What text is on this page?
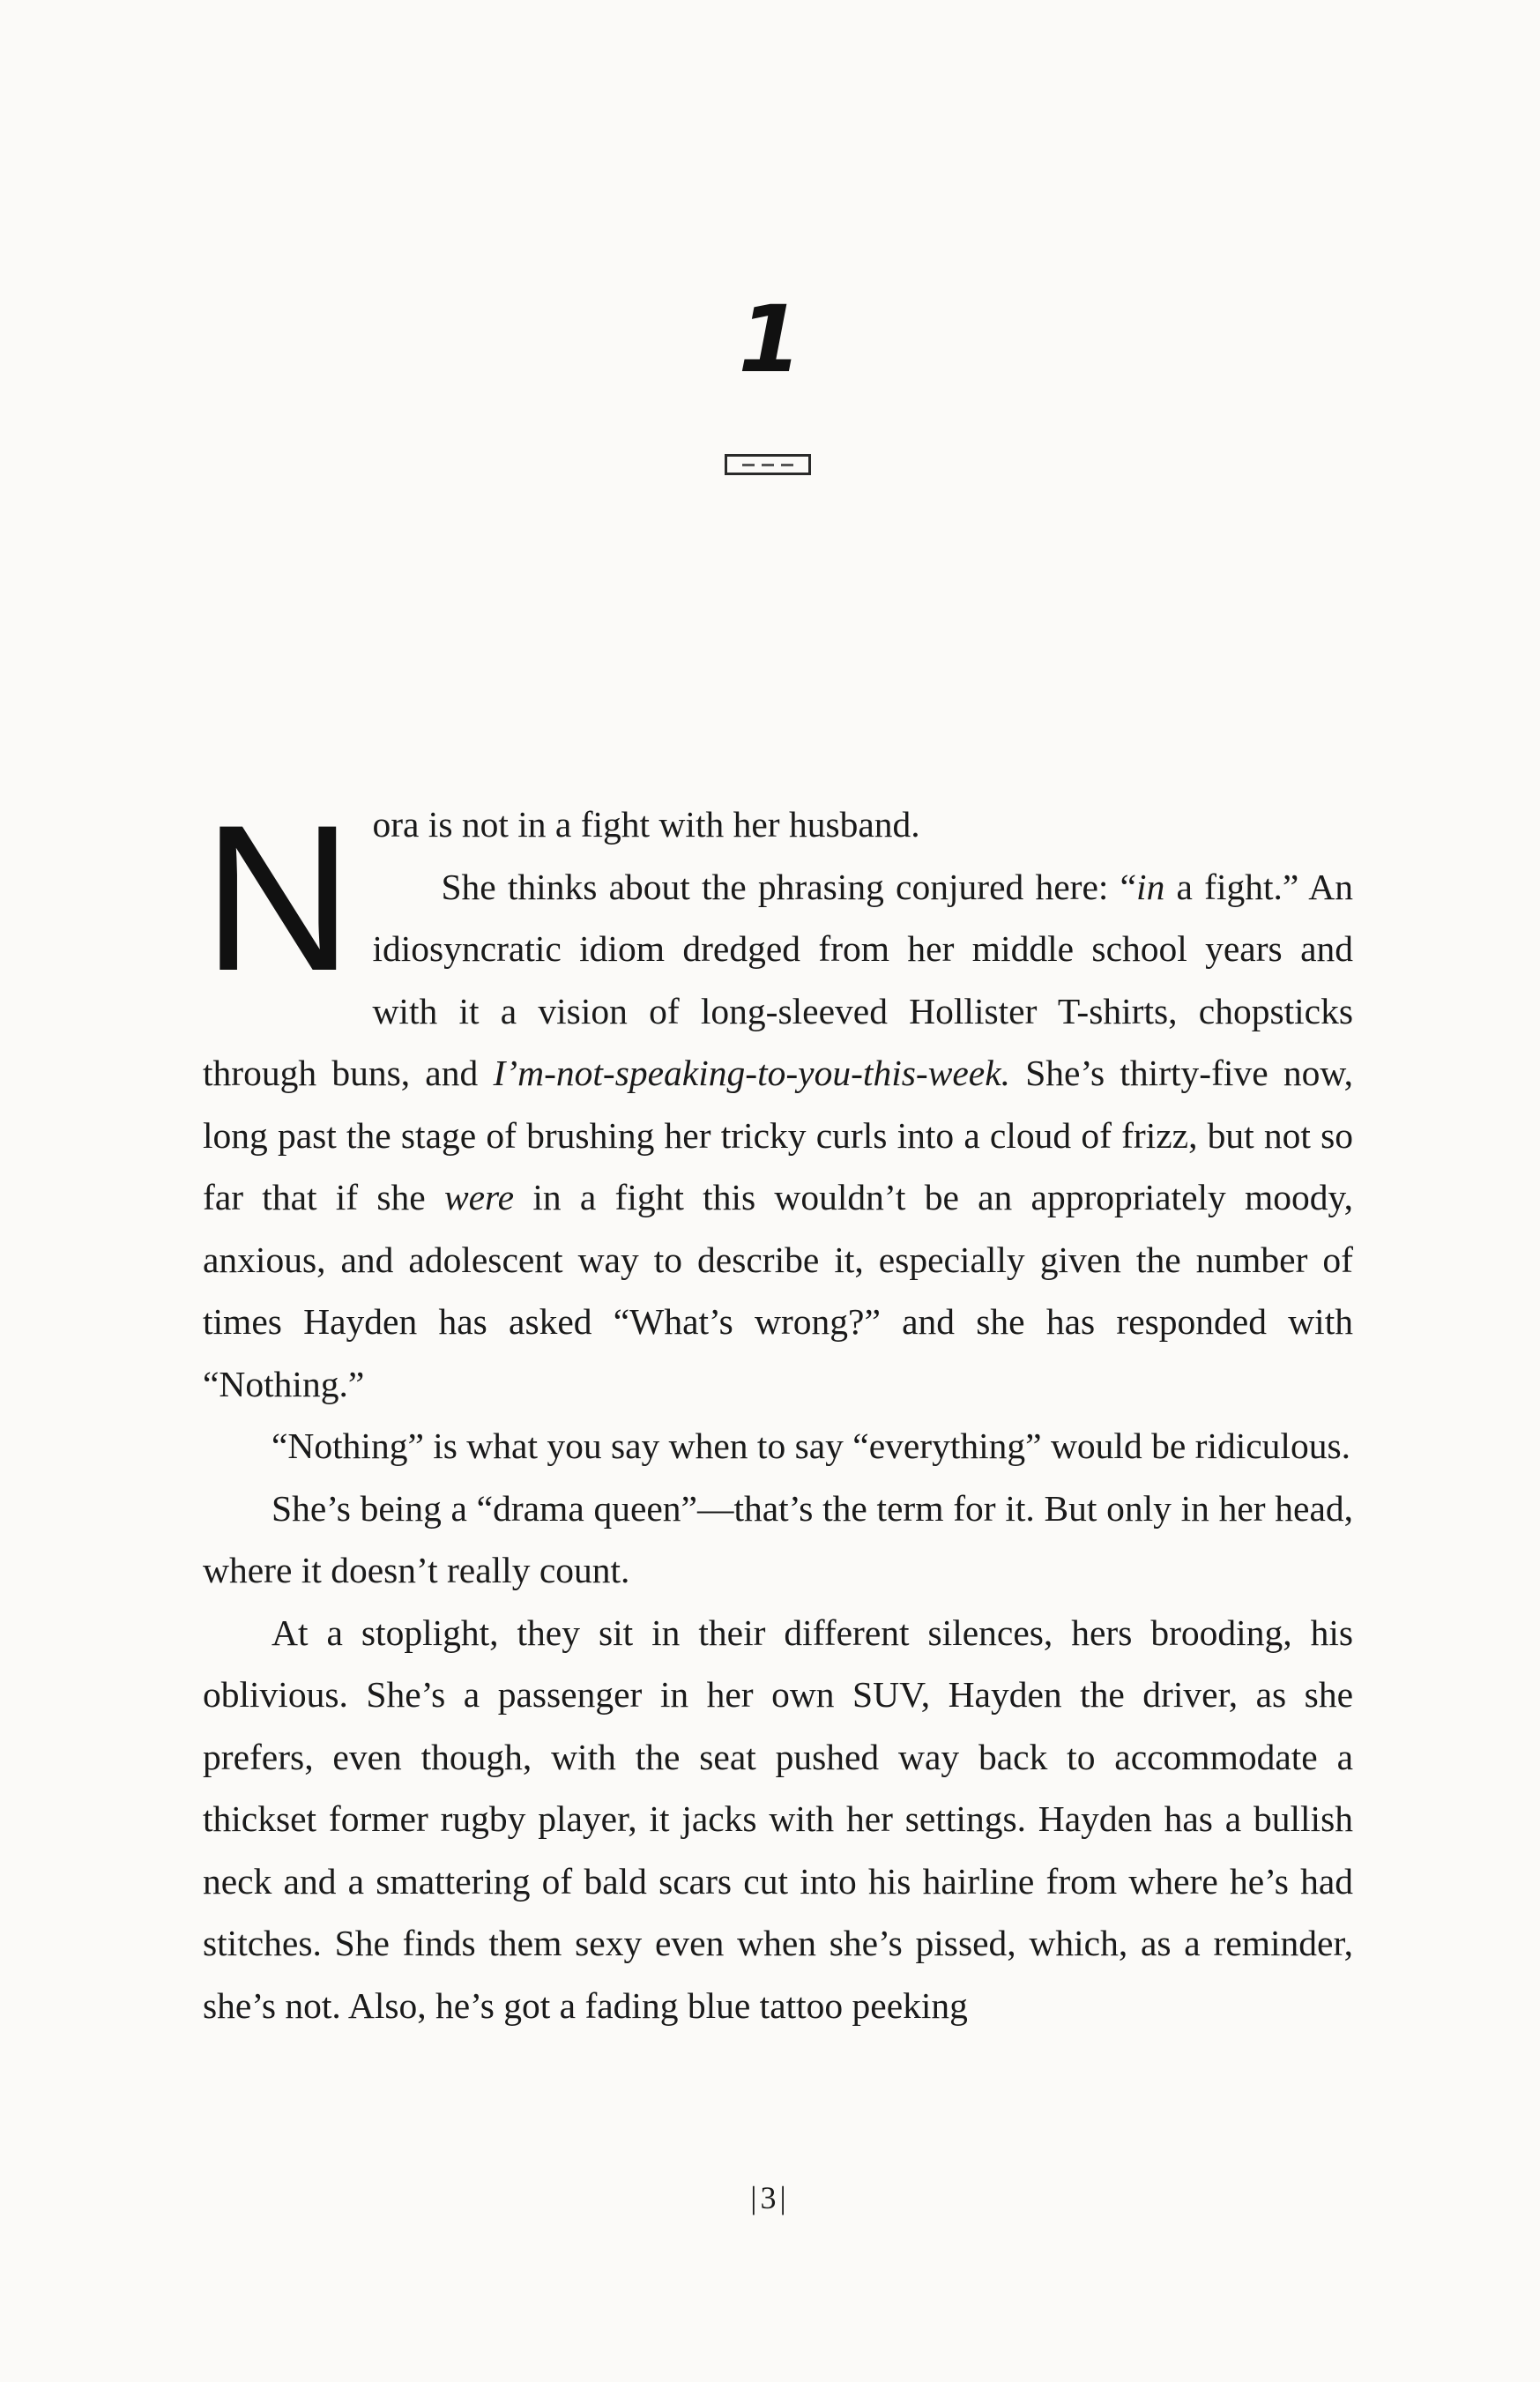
1

N ora is not in a fight with her husband.

She thinks about the phrasing conjured here: “in a fight.” An idiosyncratic idiom dredged from her middle school years and with it a vision of long-sleeved Hollister T-shirts, chopsticks through buns, and I’m-not-speaking-to-you-this-week. She’s thirty-five now, long past the stage of brushing her tricky curls into a cloud of frizz, but not so far that if she were in a fight this wouldn’t be an appropriately moody, anxious, and adolescent way to describe it, especially given the number of times Hayden has asked “What’s wrong?” and she has responded with “Nothing.”

“Nothing” is what you say when to say “everything” would be ridiculous.

She’s being a “drama queen”—that’s the term for it. But only in her head, where it doesn’t really count.

At a stoplight, they sit in their different silences, hers brooding, his oblivious. She’s a passenger in her own SUV, Hayden the driver, as she prefers, even though, with the seat pushed way back to accommodate a thickset former rugby player, it jacks with her settings. Hayden has a bullish neck and a smattering of bald scars cut into his hairline from where he’s had stitches. She finds them sexy even when she’s pissed, which, as a reminder, she’s not. Also, he’s got a fading blue tattoo peeking

|3|
